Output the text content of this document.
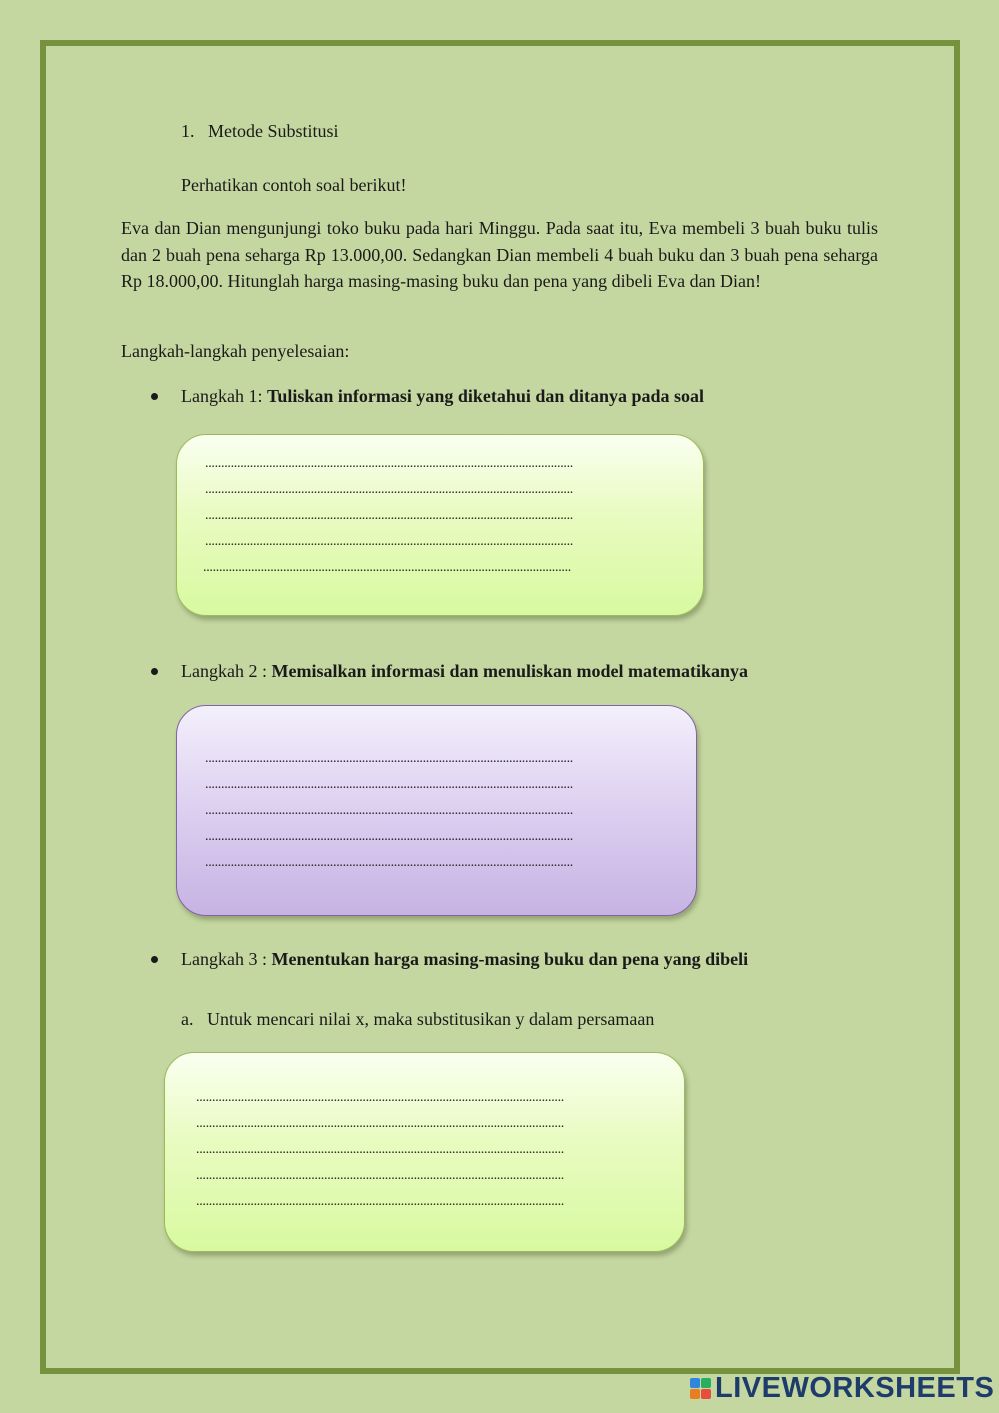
1. Metode Substitusi
Perhatikan contoh soal berikut!
Eva dan Dian mengunjungi toko buku pada hari Minggu. Pada saat itu, Eva membeli 3 buah buku tulis dan 2 buah pena seharga Rp 13.000,00. Sedangkan Dian membeli 4 buah buku dan 3 buah pena seharga Rp 18.000,00. Hitunglah harga masing-masing buku dan pena yang dibeli Eva dan Dian!
Langkah-langkah penyelesaian:
Langkah 1: Tuliskan informasi yang diketahui dan ditanya pada soal
...................................................................................................................
...................................................................................................................
...................................................................................................................
...................................................................................................................
...................................................................................................................
Langkah 2 : Memisalkan informasi dan menuliskan model matematikanya
...................................................................................................................
...................................................................................................................
...................................................................................................................
...................................................................................................................
...................................................................................................................
Langkah 3 : Menentukan harga masing-masing buku dan pena yang dibeli
a. Untuk mencari nilai x, maka substitusikan y dalam persamaan
...................................................................................................................
...................................................................................................................
...................................................................................................................
...................................................................................................................
...................................................................................................................
LIVEWORKSHEETS
